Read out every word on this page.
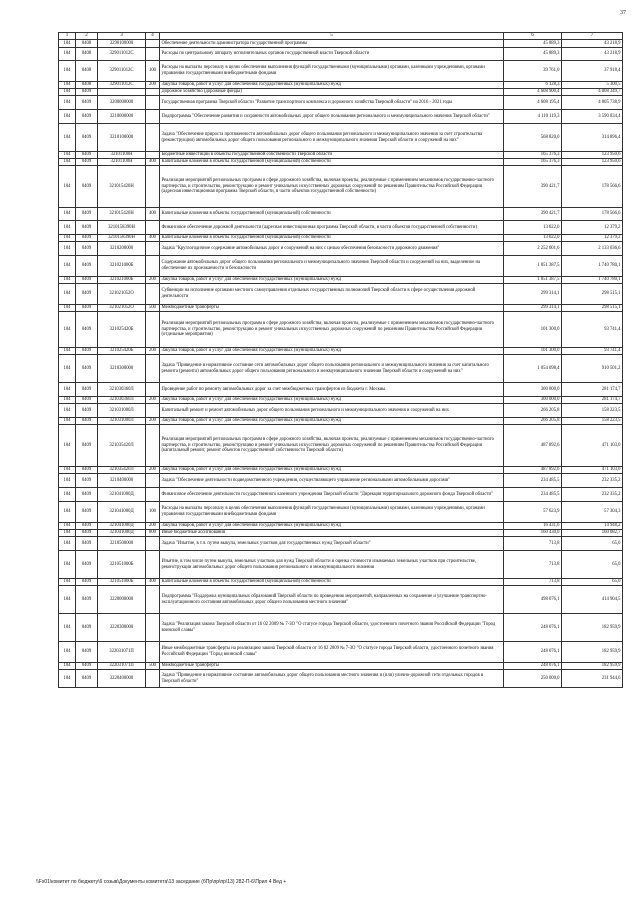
37
1	2	3	4	5	6	7
104	0408	3290100000		Обеспечение деятельности администратора государственной программы	45 889,3	43 218,9
104	0408	329011012С		Расходы по центральному аппарату исполнительных органов государственной власти Тверской области	45 889,3	43 218,9
104	0408	329011012С	100	Расходы на выплаты персоналу в целях обеспечения выполнения функций государственными (муниципальными) органами, казенными учреждениями, органами управления государственными внебюджетными фондами	39 761,0	37 918,4
104	0408	329011012С	200	Закупка товаров, работ и услуг для обеспечения государственных (муниципальных) нужд	6 128,3	5 300,5
104	0409			Дорожное хозяйство (дорожные фонды)	4 608 900,4	4 008 349,7
104	0409	3200000000		Государственная программа Тверской области "Развитие транспортного комплекса и дорожного хозяйства Тверской области" на 2016 - 2021 годы	4 608 195,4	4 005 738,9
104	0409	3210000000		Подпрограмма "Обеспечение развития и сохранности автомобильных дорог общего пользования регионального и межмуниципального значения Тверской области"	4 110 119,3	3 590 834,4
104	0409	3210100000		Задача "Обеспечение прироста протяженности автомобильных дорог общего пользования регионального и межмуниципального значения за счет строительства (реконструкции) автомобильных дорог общего пользования регионального и межмуниципального значения Тверской области и сооружений на них"	568 820,0	314 896,4
104	0409	32101100Н		Бюджетные инвестиции в объекты государственной собственности Тверской области	165 376,3	123 950,6
104	0409	32101100Н	400	Капитальные вложения в объекты государственной (муниципальной) собственности	165 376,3	123 950,6
104	0409	321015420Н		Реализация мероприятий региональных программ в сфере дорожного хозяйства, включая проекты, реализуемые с применением механизмов государственно-частного партнерства, и строительство, реконструкцию и ремонт уникальных искусственных дорожных сооружений по решениям Правительства Российской Федерации (адресная инвестиционная программа Тверской области, в части объектов государственной собственности)	390 421,7	178 566,6
104	0409	321015420Н	400	Капитальные вложения в объекты государственной (муниципальной) собственности	390 421,7	178 566,6
104	0409	3210158390Н		Финансовое обеспечение дорожной деятельности (адресная инвестиционная программа Тверской области, в части объектов государственной собственности)	13 022,0	12 379,2
104	0409	3210158390Н	400	Капитальные вложения в объекты государственной (муниципальной) собственности	13 022,0	12 379,2
104	0409	3210200000		Задача "Круглогодичное содержание автомобильных дорог и сооружений на них с целью обеспечения безопасности дорожного движения"	2 252 001,6	2 133 036,6
104	0409	321021000Б		Содержание автомобильных дорог общего пользования регионального и межмуниципального значения Тверской области и сооружений на них, выделенное на обеспечение их проезжаемости и безопасности	1 851 387,5	1 740 780,1
104	0409	321021000Б	200	Закупка товаров, работ и услуг для обеспечения государственных (муниципальных) нужд	1 851 387,5	1 740 780,1
104	0409	321021052О		Субвенции на исполнение органами местного самоуправления отдельных государственных полномочий Тверской области в сфере осуществления дорожной деятельности	299 314,1	298 515,1
104	0409	321021052О	500	Межбюджетные трансферты	299 314,1	298 515,1
104	0409	321025420Б		Реализация мероприятий региональных программ в сфере дорожного хозяйства, включая проекты, реализуемые с применением механизмов государственно-частного партнерства, и строительство, реконструкцию и ремонт уникальных искусственных дорожных сооружений по решениям Правительства Российской Федерации (отдельные мероприятия)	101 300,0	93 741,4
104	0409	321025420Б	200	Закупка товаров, работ и услуг для обеспечения государственных (муниципальных) нужд	101 300,0	93 741,4
104	0409	3210300000		Задача "Приведение в нормативное состояние сети автомобильных дорог общего пользования регионального и межмуниципального значения за счет капитального ремонта (ремонта) автомобильных дорог общего пользования регионального и межмуниципального значения Тверской области и сооружений на них"	1 054 098,4	910 501,2
104	0409	321030360Л		Проведение работ по ремонту автомобильных дорог за счет межбюджетных трансфертов из бюджета г. Москвы	300 000,0	281 174,7
104	0409	321030360Л	200	Закупка товаров, работ и услуг для обеспечения государственных (муниципальных) нужд	300 000,0	281 174,7
104	0409	321031000Л		Капитальный ремонт и ремонт автомобильных дорог общего пользования регионального и межмуниципального значения и сооружений на них	266 205,8	158 223,5
104	0409	321031000Л	200	Закупка товаров, работ и услуг для обеспечения государственных (муниципальных) нужд	266 205,8	158 223,5
104	0409	321035420Л		Реализация мероприятий региональных программ в сфере дорожного хозяйства, включая проекты, реализуемые с применением механизмов государственно-частного партнерства, и строительство, реконструкцию и ремонт уникальных искусственных дорожных сооружений по решениям Правительства Российской Федерации (капитальный ремонт, ремонт объектов государственной собственности Тверской области)	487 892,6	471 103,0
104	0409	321035420Л	200	Закупка товаров, работ и услуг для обеспечения государственных (муниципальных) нужд	487 892,6	471 103,0
104	0409	3210400000		Задача "Обеспечение деятельности подведомственного учреждения, осуществляющего управление региональными автомобильными дорогами"	234 485,5	232 335,2
104	0409	321041000Д		Финансовое обеспечение деятельности государственного казенного учреждения Тверской области "Дирекция территориального дорожного фонда Тверской области"	234 485,5	232 335,2
104	0409	321041000Д	100	Расходы на выплаты персоналу в целях обеспечения выполнения функций государственными (муниципальными) органами, казенными учреждениями, органами управления государственными внебюджетными фондами	57 623,9	57 304,3
104	0409	321041000Д	200	Закупка товаров, работ и услуг для обеспечения государственных (муниципальных) нужд	16 431,6	14 948,2
104	0409	321041000Д	800	Иные бюджетные ассигнования	160 430,0	160 082,7
104	0409	3210500000		Задача "Изъятие, в т.ч. путем выкупа, земельных участков для государственных нужд Тверской области"	713,8	65,0
104	0409	321051000Б		Изъятие, в том числе путем выкупа, земельных участков для нужд Тверской области и оценка стоимости изымаемых земельных участков при строительстве, реконструкции автомобильных дорог общего пользования регионального и межмуниципального значения	713,8	65,0
104	0409	321051000Б	400	Капитальные вложения в объекты государственной (муниципальной) собственности	713,8	65,0
104	0409	3220000000		Подпрограмма "Поддержка муниципальных образований Тверской области по проведению мероприятий, направленных на сохранение и улучшение транспортно-эксплуатационного состояния автомобильных дорог общего пользования местного значения"	498 076,1	414 904,5
104	0409	3220300000		Задача "Реализация закона Тверской области от 16 02 2009 № 7-ЗО "О статусе города Тверской области, удостоенного почетного звания Российской Федерации "Город воинской славы"	248 076,1	182 959,9
104	0409	322031071П		Иные межбюджетные трансферты на реализацию закона Тверской области от 16 02 2009 № 7-ЗО "О статусе города Тверской области, удостоенного почетного звания Российской Федерации "Город воинской славы"	248 076,1	182 959,9
104	0409	322031071П	500	Межбюджетные трансферты	248 076,1	182 959,9
104	0409	3220400000		Задача "Приведение в нормативное состояние автомобильных дорог общего пользования местного значения и (или) улично-дорожной сети отдельных городов в Тверской области"	250 000,0	231 944,6
\\Fs01\комитет по бюджету\6 созыв\Документы комитета\13 заседание (бПр\пр\пр\13) 282-П-6\Прил 4 Вед +
